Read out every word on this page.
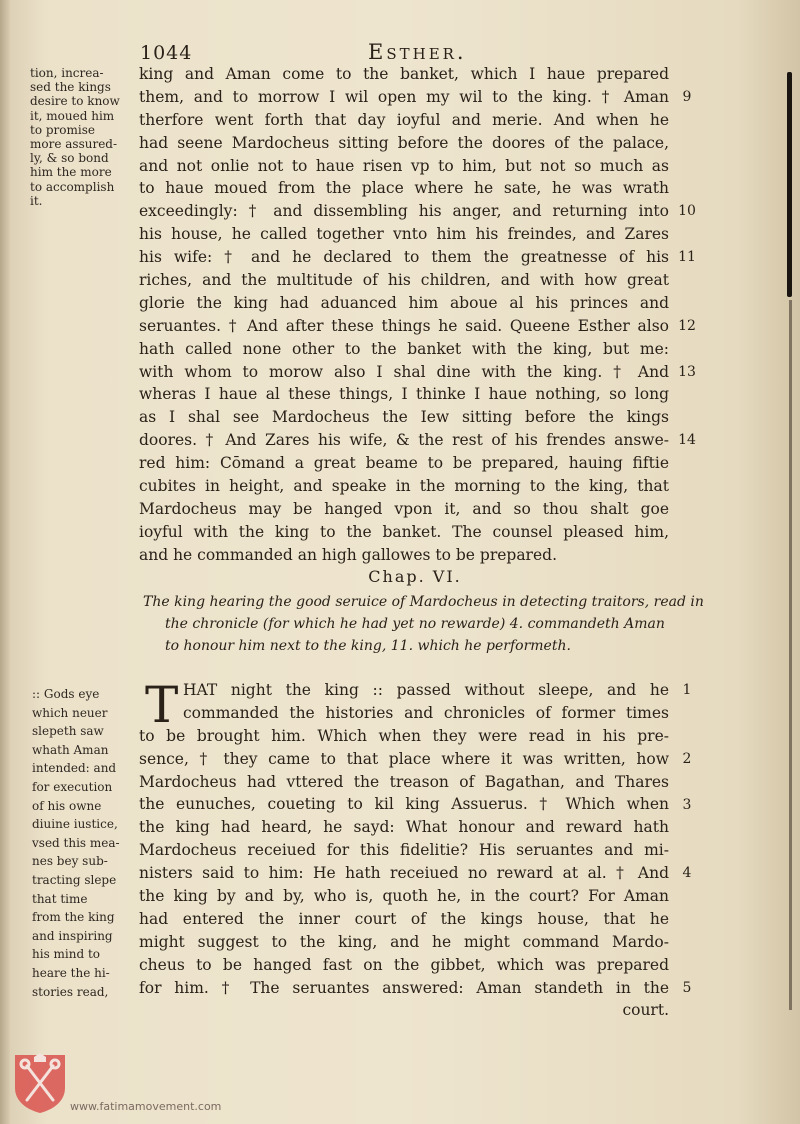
1044	Esther.
tion, increa-
sed the kings
desire to know
it, moued him
to promise
more assured-
ly, & so bond
him the more
to accomplish
it.
king and Aman come to the banket, which I haue prepared
them, and to morrow I wil open my wil to the king. † Aman
therfore went forth that day ioyful and merie. And when he
had seene Mardocheus sitting before the doores of the palace,
and not onlie not to haue risen vp to him, but not so much as
to haue moued from the place where he sate, he was wrath
exceedingly: † and dissembling his anger, and returning into
his house, he called together vnto him his freindes, and Zares
his wife: † and he declared to them the greatnesse of his
riches, and the multitude of his children, and with how great
glorie the king had aduanced him aboue al his princes and
seruantes. † And after these things he said. Queene Esther also
hath called none other to the banket with the king, but me:
with whom to morow also I shal dine with the king. † And
wheras I haue al these things, I thinke I haue nothing, so long
as I shal see Mardocheus the Iew sitting before the kings
doores. † And Zares his wife, & the rest of his frendes answe-
red him: Cōmand a great beame to be prepared, hauing fiftie
cubites in height, and speake in the morning to the king, that
Mardocheus may be hanged vpon it, and so thou shalt goe
ioyful with the king to the banket. The counsel pleased him,
and he commanded an high gallowes to be prepared.
9
10
11
12
13
14
Chap. VI.
The king hearing the good seruice of Mardocheus in detecting traitors, read in
the chronicle (for which he had yet no rewarde) 4. commandeth Aman
to honour him next to the king, 11. which he performeth.
T
:: Gods eye
which neuer
slepeth saw
whath Aman
intended: and
for execution
of his owne
diuine iustice,
vsed this mea-
nes bey sub-
tracting slepe
that time
from the king
and inspiring
his mind to
heare the hi-
stories read,
HAT night the king :: passed without sleepe, and he
commanded the histories and chronicles of former times
to be brought him. Which when they were read in his pre-
sence, † they came to that place where it was written, how
Mardocheus had vttered the treason of Bagathan, and Thares
the eunuches, coueting to kil king Assuerus. † Which when
the king had heard, he sayd: What honour and reward hath
Mardocheus receiued for this fidelitie? His seruantes and mi-
nisters said to him: He hath receiued no reward at al. † And
the king by and by, who is, quoth he, in the court? For Aman
had entered the inner court of the kings house, that he
might suggest to the king, and he might command Mardo-
cheus to be hanged fast on the gibbet, which was prepared
for him. † The seruantes answered: Aman standeth in the
court.
1
2
3
4
5
www.fatimamovement.com
